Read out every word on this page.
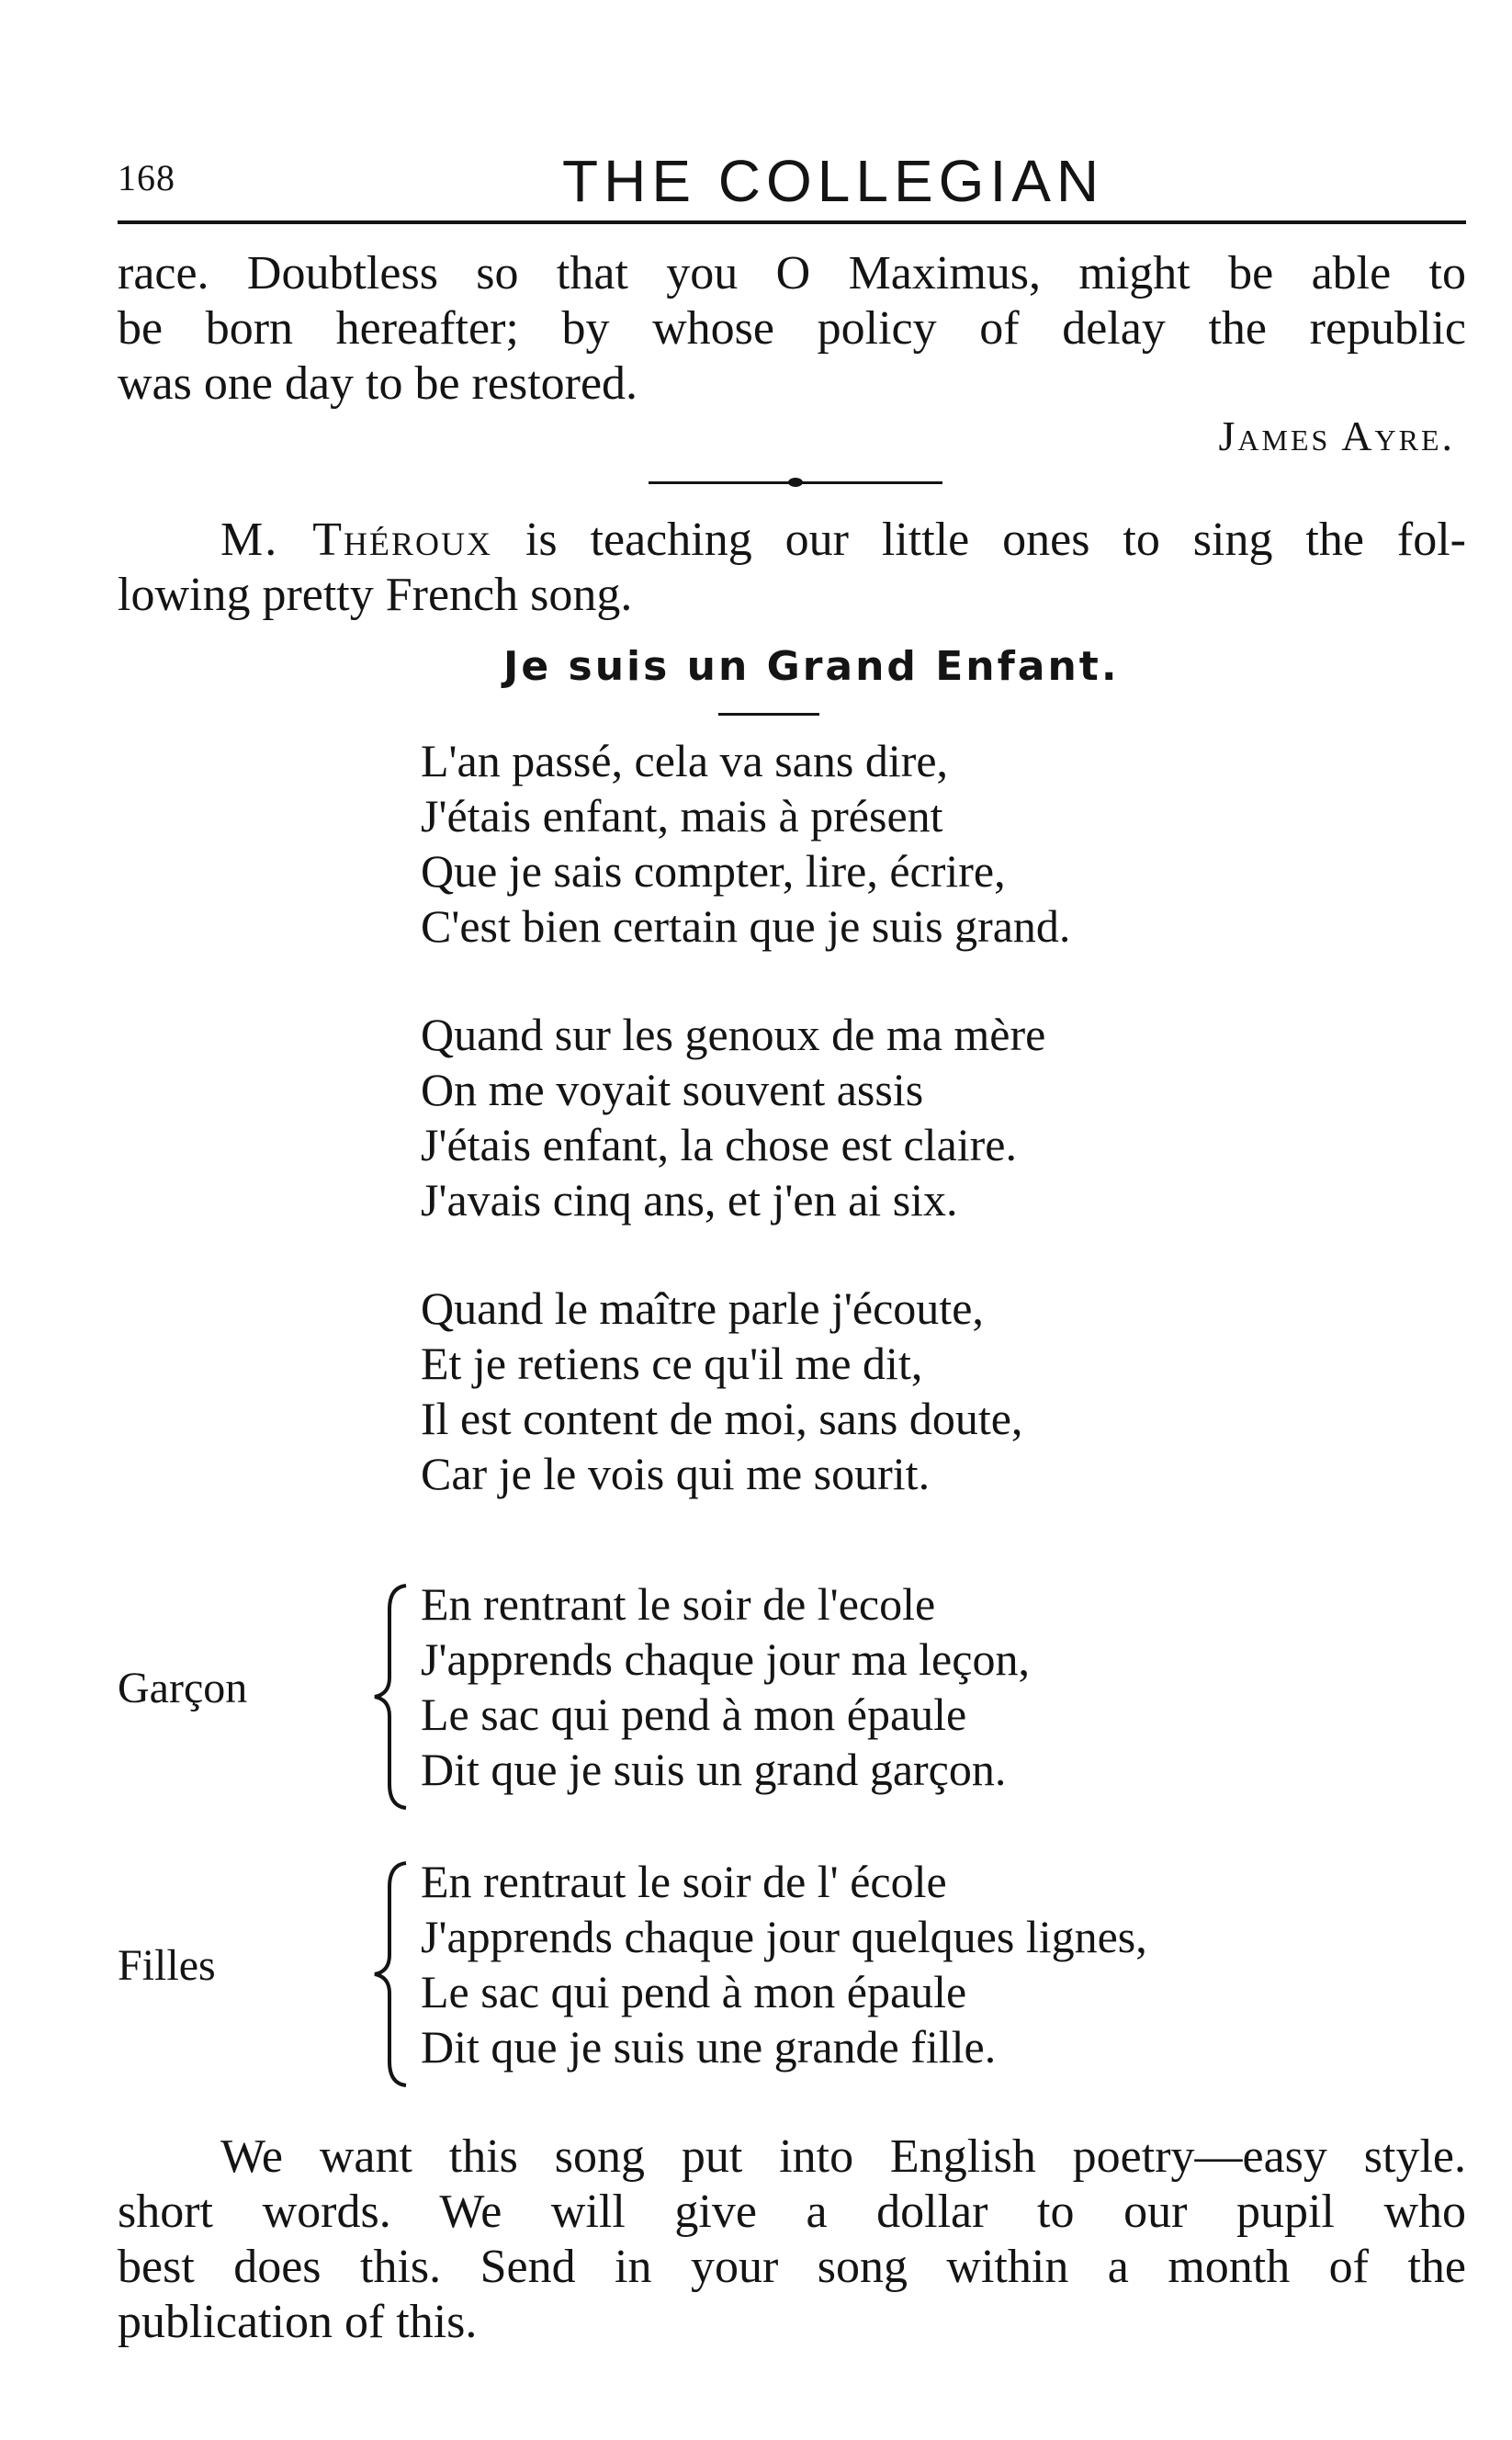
168	THE COLLEGIAN
race. Doubtless so that you O Maximus, might be able to
be born hereafter; by whose policy of delay the republic
was one day to be restored.
James Ayre.
M. Théroux is teaching our little ones to sing the fol-
lowing pretty French song.
Je suis un Grand Enfant.
L'an passé, cela va sans dire,
J'étais enfant, mais à présent
Que je sais compter, lire, écrire,
C'est bien certain que je suis grand.
Quand sur les genoux de ma mère
On me voyait souvent assis
J'étais enfant, la chose est claire.
J'avais cinq ans, et j'en ai six.
Quand le maître parle j'écoute,
Et je retiens ce qu'il me dit,
Il est content de moi, sans doute,
Car je le vois qui me sourit.
Garçon
En rentrant le soir de l'ecole
J'apprends chaque jour ma leçon,
Le sac qui pend à mon épaule
Dit que je suis un grand garçon.
Filles
En rentraut le soir de l' école
J'apprends chaque jour quelques lignes,
Le sac qui pend à mon épaule
Dit que je suis une grande fille.
We want this song put into English poetry—easy style.
short words. We will give a dollar to our pupil who
best does this. Send in your song within a month of the
publication of this.
